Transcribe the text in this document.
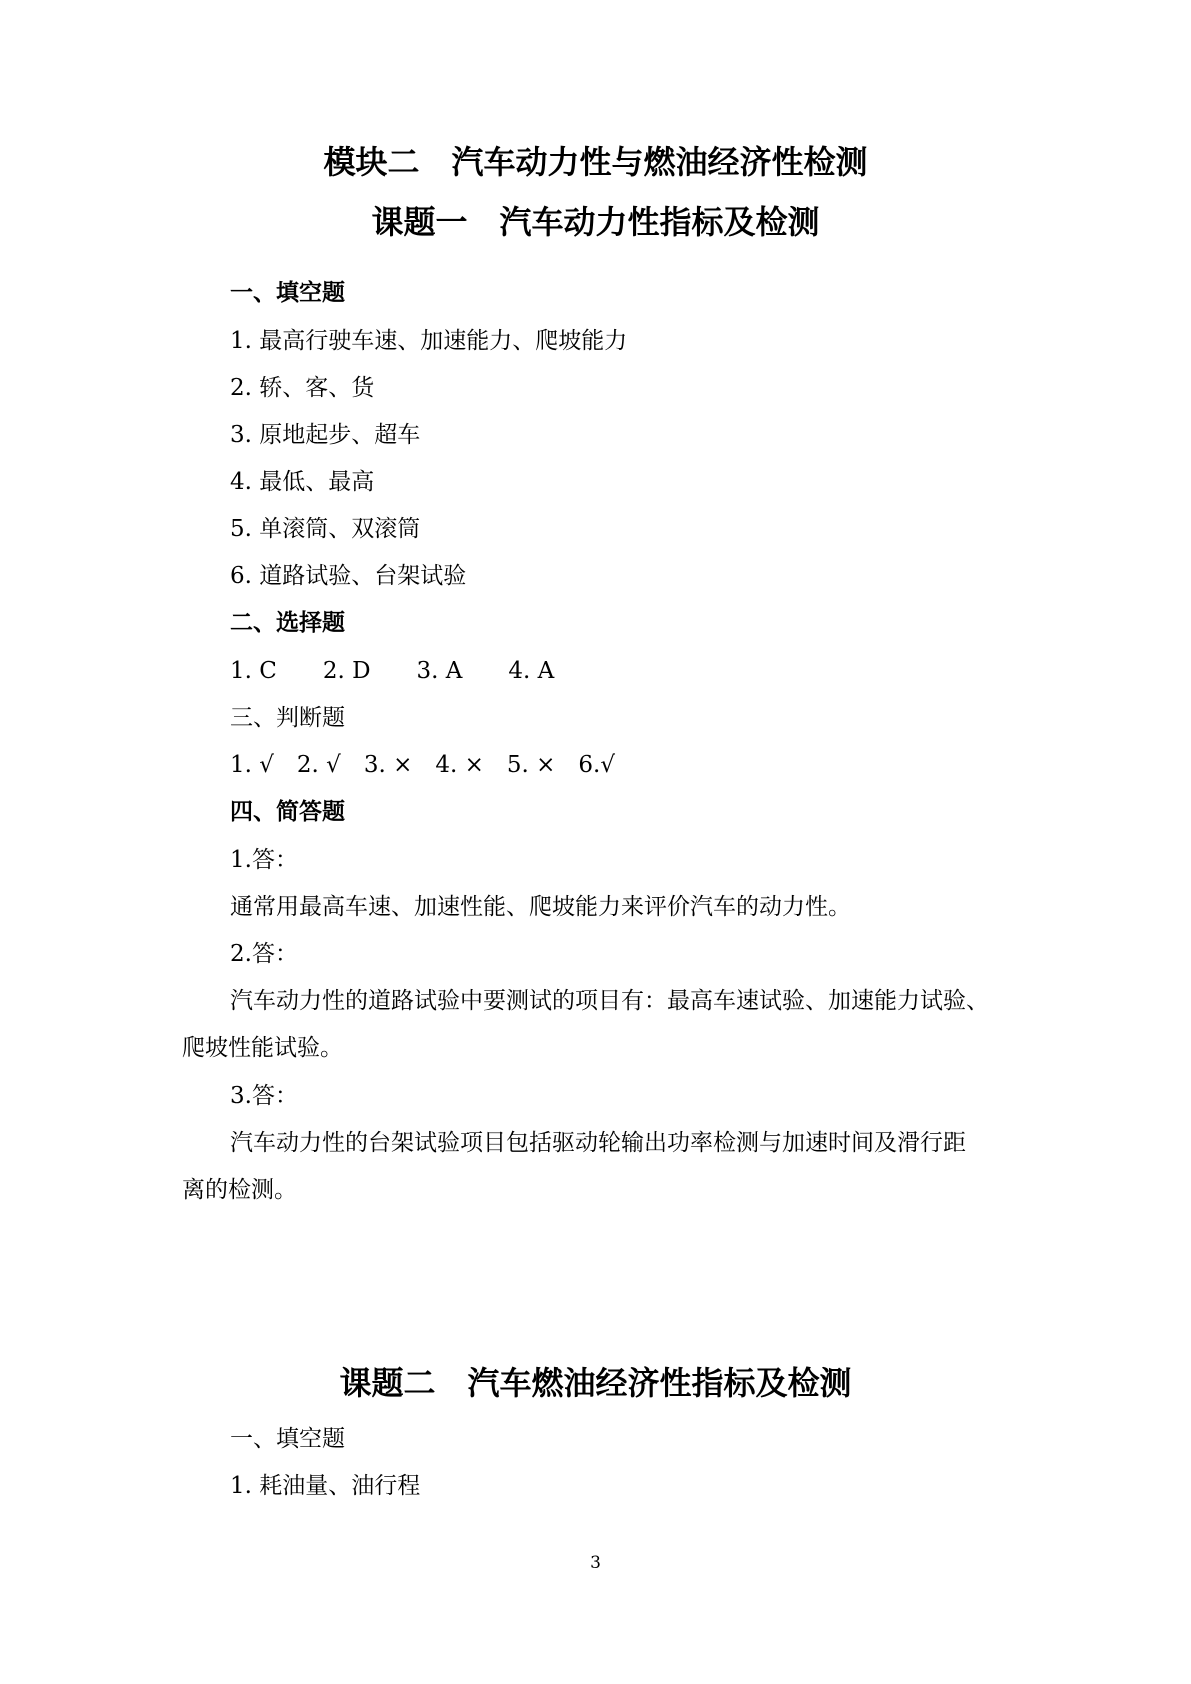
模块二　汽车动力性与燃油经济性检测
课题一　汽车动力性指标及检测
一、填空题
1. 最高行驶车速、加速能力、爬坡能力
2. 轿、客、货
3. 原地起步、超车
4. 最低、最高
5. 单滚筒、双滚筒
6. 道路试验、台架试验
二、选择题
1. C　　2. D　　3. A　　4. A
三、判断题
1. √　2. √　3. ×　4. ×　5. ×　6.√
四、简答题
1.答：
通常用最高车速、加速性能、爬坡能力来评价汽车的动力性。
2.答：
汽车动力性的道路试验中要测试的项目有：最高车速试验、加速能力试验、
爬坡性能试验。
3.答：
汽车动力性的台架试验项目包括驱动轮输出功率检测与加速时间及滑行距
离的检测。
课题二　汽车燃油经济性指标及检测
一、填空题
1. 耗油量、油行程
3
